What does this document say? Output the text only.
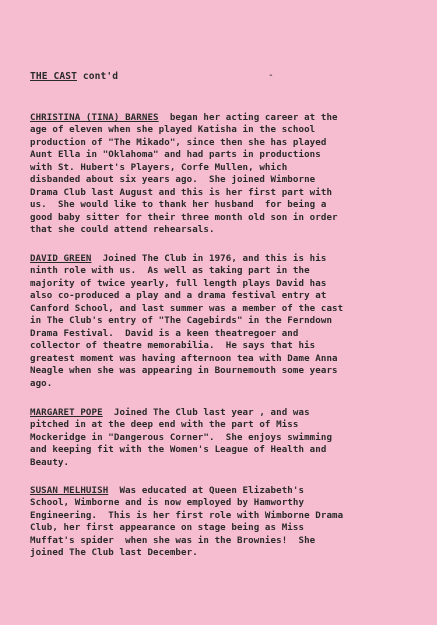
THE CAST cont'd	-
CHRISTINA (TINA) BARNES  began her acting career at the
age of eleven when she played Katisha in the school
production of "The Mikado", since then she has played
Aunt Ella in "Oklahoma" and had parts in productions
with St. Hubert's Players, Corfe Mullen, which
disbanded about six years ago.  She joined Wimborne
Drama Club last August and this is her first part with
us.  She would like to thank her husband  for being a
good baby sitter for their three month old son in order
that she could attend rehearsals.
DAVID GREEN  Joined The Club in 1976, and this is his
ninth role with us.  As well as taking part in the
majority of twice yearly, full length plays David has
also co-produced a play and a drama festival entry at
Canford School, and last summer was a member of the cast
in The Club's entry of "The Cagebirds" in the Ferndown
Drama Festival.  David is a keen theatregoer and
collector of theatre memorabilia.  He says that his
greatest moment was having afternoon tea with Dame Anna
Neagle when she was appearing in Bournemouth some years
ago.
MARGARET POPE  Joined The Club last year , and was
pitched in at the deep end with the part of Miss
Mockeridge in "Dangerous Corner".  She enjoys swimming
and keeping fit with the Women's League of Health and
Beauty.
SUSAN MELHUISH  Was educated at Queen Elizabeth's
School, Wimborne and is now employed by Hamworthy
Engineering.  This is her first role with Wimborne Drama
Club, her first appearance on stage being as Miss
Muffat's spider  when she was in the Brownies!  She
joined The Club last December.
